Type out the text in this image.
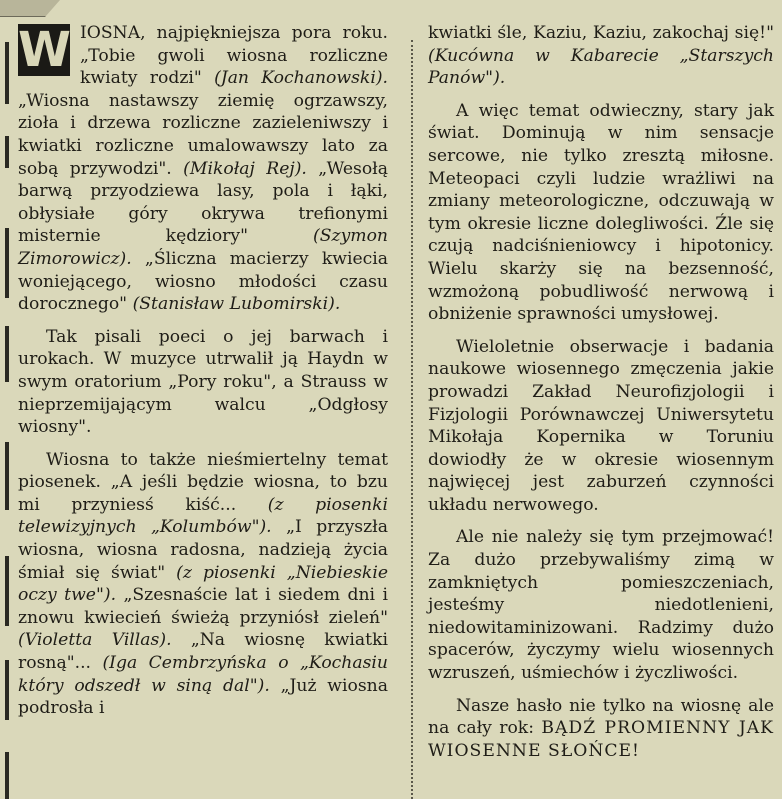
W IOSNA, najpiękniejsza pora roku. „Tobie gwoli wiosna rozliczne kwiaty rodzi" (Jan Kochanowski). „Wiosna nastawszy ziemię ogrzawszy, zioła i drzewa rozliczne zazieleniwszy i kwiatki rozliczne umalowawszy lato za sobą przywodzi". (Mikołaj Rej). „Wesołą barwą przyodziewa lasy, pola i łąki, obłysiałe góry okrywa trefionymi misternie kędziory" (Szymon Zimorowicz). „Śliczna macierzy kwiecia woniejącego, wiosno młodości czasu dorocznego" (Stanisław Lubomirski).

Tak pisali poeci o jej barwach i urokach. W muzyce utrwalił ją Haydn w swym oratorium „Pory roku", a Strauss w nieprzemijającym walcu „Odgłosy wiosny".

Wiosna to także nieśmiertelny temat piosenek. „A jeśli będzie wiosna, to bzu mi przyniesś kiść... (z piosenki telewizyjnych „Kolumbów"). „I przyszła wiosna, wiosna radosna, nadzieją życia śmiał się świat" (z piosenki „Niebieskie oczy twe"). „Szesnaście lat i siedem dni i znowu kwiecień świeżą przyniósł zieleń" (Violetta Villas). „Na wiosnę kwiatki rosną"... (Iga Cembrzyńska o „Kochasiu który odszedł w siną dal"). „Już wiosna podrosła i

kwiatki śle, Kaziu, Kaziu, zakochaj się!" (Kucówna w Kabarecie „Starszych Panów").

A więc temat odwieczny, stary jak świat. Dominują w nim sensacje sercowe, nie tylko zresztą miłosne. Meteopaci czyli ludzie wrażliwi na zmiany meteorologiczne, odczuwają w tym okresie liczne dolegliwości. Źle się czują nadciśnieniowcy i hipotonicy. Wielu skarży się na bezsenność, wzmożoną pobudliwość nerwową i obniżenie sprawności umysłowej.

Wieloletnie obserwacje i badania naukowe wiosennego zmęczenia jakie prowadzi Zakład Neurofizjologii i Fizjologii Porównawczej Uniwersytetu Mikołaja Kopernika w Toruniu dowiodły że w okresie wiosennym najwięcej jest zaburzeń czynności układu nerwowego.

Ale nie należy się tym przejmować! Za dużo przebywaliśmy zimą w zamkniętych pomieszczeniach, jesteśmy niedotlenieni, niedowitaminizowani. Radzimy dużo spacerów, życzymy wielu wiosennych wzruszeń, uśmiechów i życzliwości.

Nasze hasło nie tylko na wiosnę ale na cały rok: BĄDŹ PROMIENNY JAK WIOSENNE SŁOŃCE!
